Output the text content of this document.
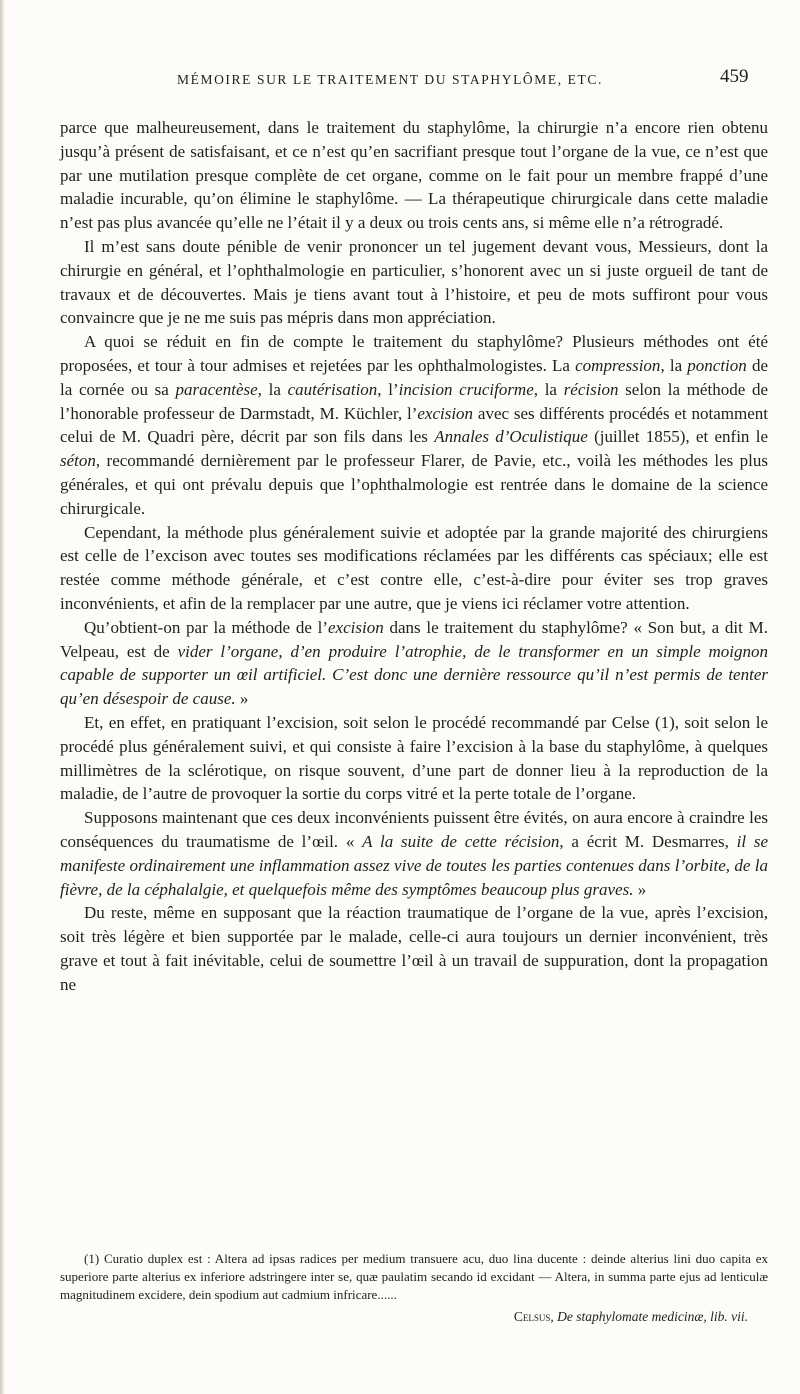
MÉMOIRE SUR LE TRAITEMENT DU STAPHYLÔME, ETC.	459

parce que malheureusement, dans le traitement du staphylôme, la chirurgie n’a encore rien obtenu jusqu’à présent de satisfaisant, et ce n’est qu’en sacrifiant presque tout l’organe de la vue, ce n’est que par une mutilation presque complète de cet organe, comme on le fait pour un membre frappé d’une maladie incurable, qu’on élimine le staphylôme. — La thérapeutique chirurgicale dans cette maladie n’est pas plus avancée qu’elle ne l’était il y a deux ou trois cents ans, si même elle n’a rétrogradé.

Il m’est sans doute pénible de venir prononcer un tel jugement devant vous, Messieurs, dont la chirurgie en général, et l’ophthalmologie en particulier, s’honorent avec un si juste orgueil de tant de travaux et de découvertes. Mais je tiens avant tout à l’histoire, et peu de mots suffiront pour vous convaincre que je ne me suis pas mépris dans mon appréciation.

A quoi se réduit en fin de compte le traitement du staphylôme? Plusieurs méthodes ont été proposées, et tour à tour admises et rejetées par les ophthalmologistes. La compression, la ponction de la cornée ou sa paracentèse, la cautérisation, l’incision cruciforme, la récision selon la méthode de l’honorable professeur de Darmstadt, M. Küchler, l’excision avec ses différents procédés et notamment celui de M. Quadri père, décrit par son fils dans les Annales d’Oculistique (juillet 1855), et enfin le séton, recommandé dernièrement par le professeur Flarer, de Pavie, etc., voilà les méthodes les plus générales, et qui ont prévalu depuis que l’ophthalmologie est rentrée dans le domaine de la science chirurgicale.

Cependant, la méthode plus généralement suivie et adoptée par la grande majorité des chirurgiens est celle de l’excison avec toutes ses modifications réclamées par les différents cas spéciaux; elle est restée comme méthode générale, et c’est contre elle, c’est-à-dire pour éviter ses trop graves inconvénients, et afin de la remplacer par une autre, que je viens ici réclamer votre attention.

Qu’obtient-on par la méthode de l’excision dans le traitement du staphylôme? « Son but, a dit M. Velpeau, est de vider l’organe, d’en produire l’atrophie, de le transformer en un simple moignon capable de supporter un œil artificiel. C’est donc une dernière ressource qu’il n’est permis de tenter qu’en désespoir de cause. »

Et, en effet, en pratiquant l’excision, soit selon le procédé recommandé par Celse (1), soit selon le procédé plus généralement suivi, et qui consiste à faire l’excision à la base du staphylôme, à quelques millimètres de la sclérotique, on risque souvent, d’une part de donner lieu à la reproduction de la maladie, de l’autre de provoquer la sortie du corps vitré et la perte totale de l’organe.

Supposons maintenant que ces deux inconvénients puissent être évités, on aura encore à craindre les conséquences du traumatisme de l’œil. « A la suite de cette récision, a écrit M. Desmarres, il se manifeste ordinairement une inflammation assez vive de toutes les parties contenues dans l’orbite, de la fièvre, de la céphalalgie, et quelquefois même des symptômes beaucoup plus graves. »

Du reste, même en supposant que la réaction traumatique de l’organe de la vue, après l’excision, soit très légère et bien supportée par le malade, celle-ci aura toujours un dernier inconvénient, très grave et tout à fait inévitable, celui de soumettre l’œil à un travail de suppuration, dont la propagation ne

(1) Curatio duplex est : Altera ad ipsas radices per medium transuere acu, duo lina ducente : deinde alterius lini duo capita ex superiore parte alterius ex inferiore adstringere inter se, quæ paulatim secando id excidant — Altera, in summa parte ejus ad lenticulæ magnitudinem excidere, dein spodium aut cadmium infricare......

Celsus, De staphylomate medicinæ, lib. vii.
